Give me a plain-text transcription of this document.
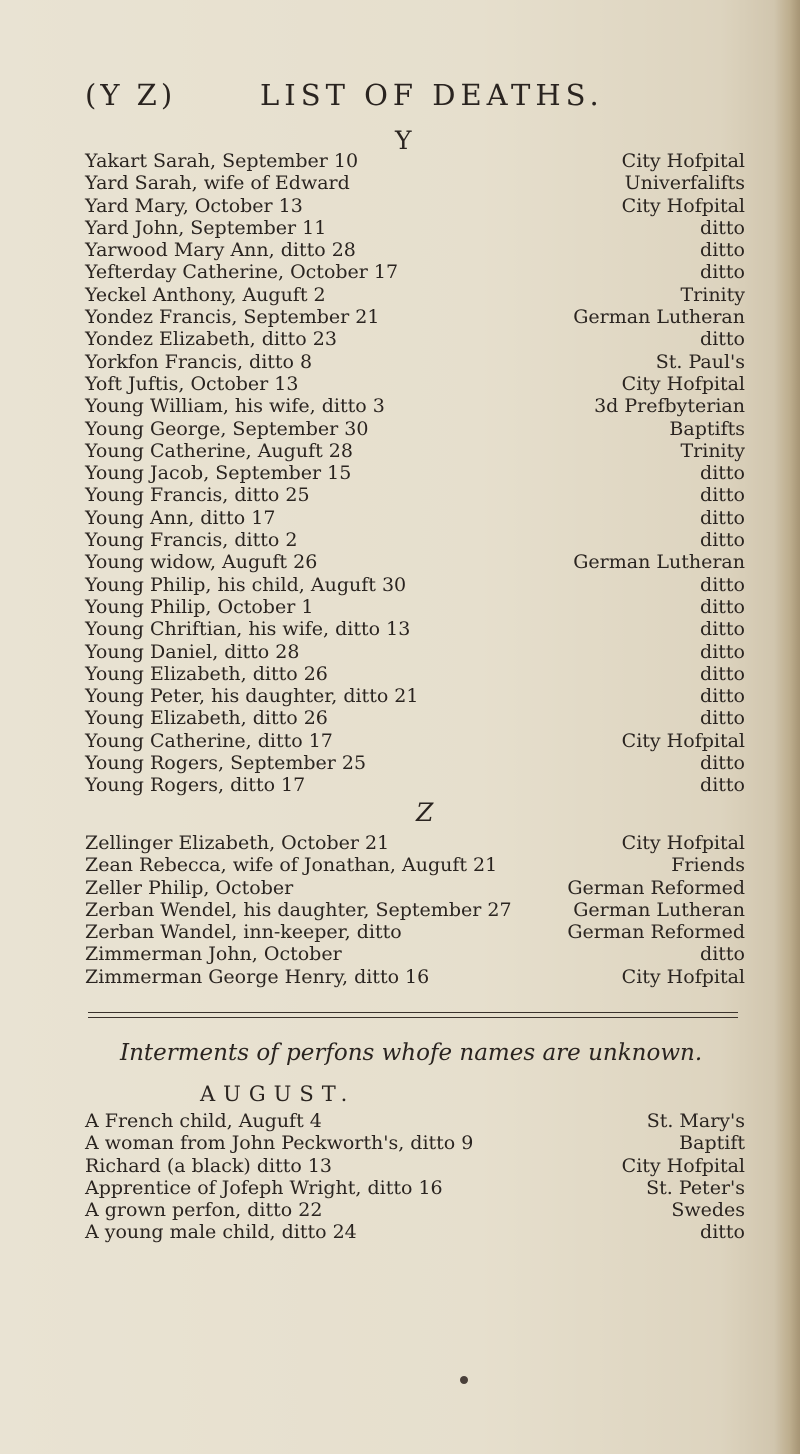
(Y Z)	LIST OF DEATHS.
Y
Yakart Sarah, September 10	City Hofpital
Yard Sarah, wife of Edward	Univerfalifts
Yard Mary, October 13	City Hofpital
Yard John, September 11	ditto
Yarwood Mary Ann, ditto 28	ditto
Yefterday Catherine, October 17	ditto
Yeckel Anthony, Auguft 2	Trinity
Yondez Francis, September 21	German Lutheran
Yondez Elizabeth, ditto 23	ditto
Yorkfon Francis, ditto 8	St. Paul's
Yoft Juftis, October 13	City Hofpital
Young William, his wife, ditto 3	3d Prefbyterian
Young George, September 30	Baptifts
Young Catherine, Auguft 28	Trinity
Young Jacob, September 15	ditto
Young Francis, ditto 25	ditto
Young Ann, ditto 17	ditto
Young Francis, ditto 2	ditto
Young widow, Auguft 26	German Lutheran
Young Philip, his child, Auguft 30	ditto
Young Philip, October 1	ditto
Young Chriftian, his wife, ditto 13	ditto
Young Daniel, ditto 28	ditto
Young Elizabeth, ditto 26	ditto
Young Peter, his daughter, ditto 21	ditto
Young Elizabeth, ditto 26	ditto
Young Catherine, ditto 17	City Hofpital
Young Rogers, September 25	ditto
Young Rogers, ditto 17	ditto
Z
Zellinger Elizabeth, October 21	City Hofpital
Zean Rebecca, wife of Jonathan, Auguft 21	Friends
Zeller Philip, October	German Reformed
Zerban Wendel, his daughter, September 27	German Lutheran
Zerban Wandel, inn-keeper, ditto	German Reformed
Zimmerman John, October	ditto
Zimmerman George Henry, ditto 16	City Hofpital
Interments of perfons whofe names are unknown.
AUGUST.
A French child, Auguft 4	St. Mary's
A woman from John Peckworth's, ditto 9	Baptift
Richard (a black) ditto 13	City Hofpital
Apprentice of Jofeph Wright, ditto 16	St. Peter's
A grown perfon, ditto 22	Swedes
A young male child, ditto 24	ditto
